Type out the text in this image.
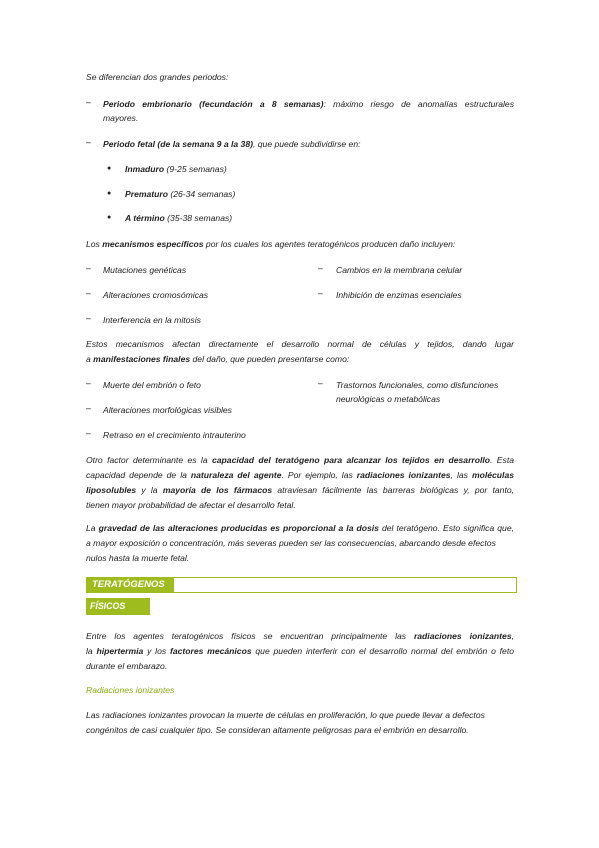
Se diferencian dos grandes periodos:

– Periodo embrionario (fecundación a 8 semanas): máximo riesgo de anomalías estructurales

mayores.

– Periodo fetal (de la semana 9 a la 38), que puede subdividirse en:

● Inmaduro (9-25 semanas)

● Prematuro (26-34 semanas)

● A término (35-38 semanas)

Los mecanismos específicos por los cuales los agentes teratogénicos producen daño incluyen:

– Mutaciones genéticas	– Cambios en la membrana celular

– Alteraciones cromosómicas	– Inhibición de enzimas esenciales

– Interferencia en la mitosis

Estos mecanismos afectan directamente el desarrollo normal de células y tejidos, dando lugar

a manifestaciones finales del daño, que pueden presentarse como:

– Muerte del embrión o feto	– Trastornos funcionales, como disfunciones

neurológicas o metabólicas

– Alteraciones morfológicas visibles

– Retraso en el crecimiento intrauterino

Otro factor determinante es la capacidad del teratógeno para alcanzar los tejidos en desarrollo. Esta

capacidad depende de la naturaleza del agente. Por ejemplo, las radiaciones ionizantes, las moléculas

liposolubles y la mayoría de los fármacos atraviesan fácilmente las barreras biológicas y, por tanto,

tienen mayor probabilidad de afectar el desarrollo fetal.

La gravedad de las alteraciones producidas es proporcional a la dosis del teratógeno. Esto significa que,

a mayor exposición o concentración, más severas pueden ser las consecuencias, abarcando desde efectos

nulos hasta la muerte fetal.

TERATÓGENOS
FÍSICOS

Entre los agentes teratogénicos físicos se encuentran principalmente las radiaciones ionizantes,

la hipertermia y los factores mecánicos que pueden interferir con el desarrollo normal del embrión o feto

durante el embarazo.

Radiaciones ionizantes

Las radiaciones ionizantes provocan la muerte de células en proliferación, lo que puede llevar a defectos

congénitos de casi cualquier tipo. Se consideran altamente peligrosas para el embrión en desarrollo.
